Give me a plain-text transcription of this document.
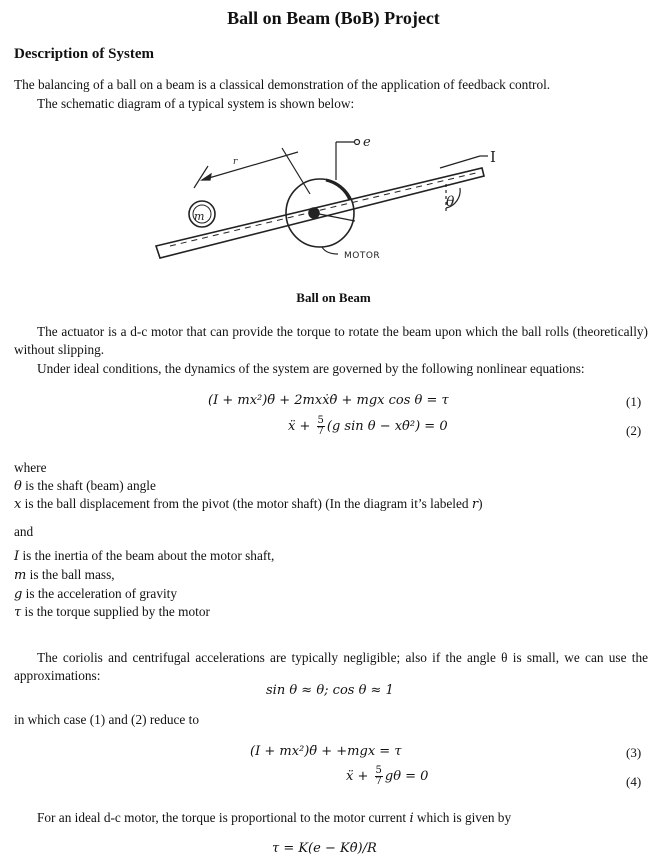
Ball on Beam (BoB) Project
Description of System
The balancing of a ball on a beam is a classical demonstration of the application of feedback control.
The schematic diagram of a typical system is shown below:
m
r
e
I
θ
MOTOR
Ball on Beam
The actuator is a d-c motor that can provide the torque to rotate the beam upon which the ball rolls (theoretically) without slipping.
Under ideal conditions, the dynamics of the system are governed by the following nonlinear equations:
(I + mx²)θ̈ + 2mxẋθ̇ + mgx cos θ = τ	(1)
ẍ + $\frac{5}{7} (g$ sin θ − xθ̇²) = 0	(2)
where
θ is the shaft (beam) angle
x is the ball displacement from the pivot (the motor shaft) (In the diagram it’s labeled r)
and
I is the inertia of the beam about the motor shaft,
m is the ball mass,
g is the acceleration of gravity
τ is the torque supplied by the motor
The coriolis and centrifugal accelerations are typically negligible; also if the angle θ is small, we can use the approximations:
sin θ ≈ θ; cos θ ≈ 1
in which case (1) and (2) reduce to
(I + mx²)θ̈ + +mgx = τ	(3)
ẍ + $\frac{5}{7}$ gθ = 0	(4)
For an ideal d-c motor, the torque is proportional to the motor current i which is given by
τ = K(e − Kθ̇)/R
